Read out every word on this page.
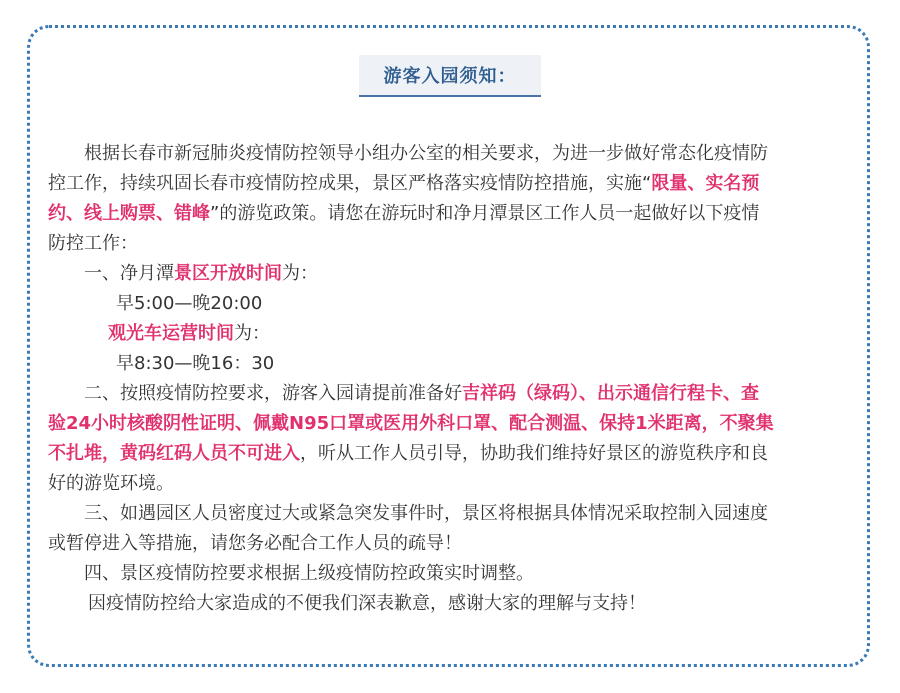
游客入园须知：
根据长春市新冠肺炎疫情防控领导小组办公室的相关要求，为进一步做好常态化疫情防
控工作，持续巩固长春市疫情防控成果，景区严格落实疫情防控措施，实施“限量、实名预
约、线上购票、错峰”的游览政策。请您在游玩时和净月潭景区工作人员一起做好以下疫情
防控工作：
一、净月潭景区开放时间为：
早5:00—晚20:00
观光车运营时间为：
早8:30—晚16：30
二、按照疫情防控要求，游客入园请提前准备好吉祥码（绿码）、出示通信行程卡、查
验24小时核酸阴性证明、佩戴N95口罩或医用外科口罩、配合测温、保持1米距离，不聚集
不扎堆，黄码红码人员不可进入，听从工作人员引导，协助我们维持好景区的游览秩序和良
好的游览环境。
三、如遇园区人员密度过大或紧急突发事件时，景区将根据具体情况采取控制入园速度
或暂停进入等措施，请您务必配合工作人员的疏导！
四、景区疫情防控要求根据上级疫情防控政策实时调整。
因疫情防控给大家造成的不便我们深表歉意，感谢大家的理解与支持！
